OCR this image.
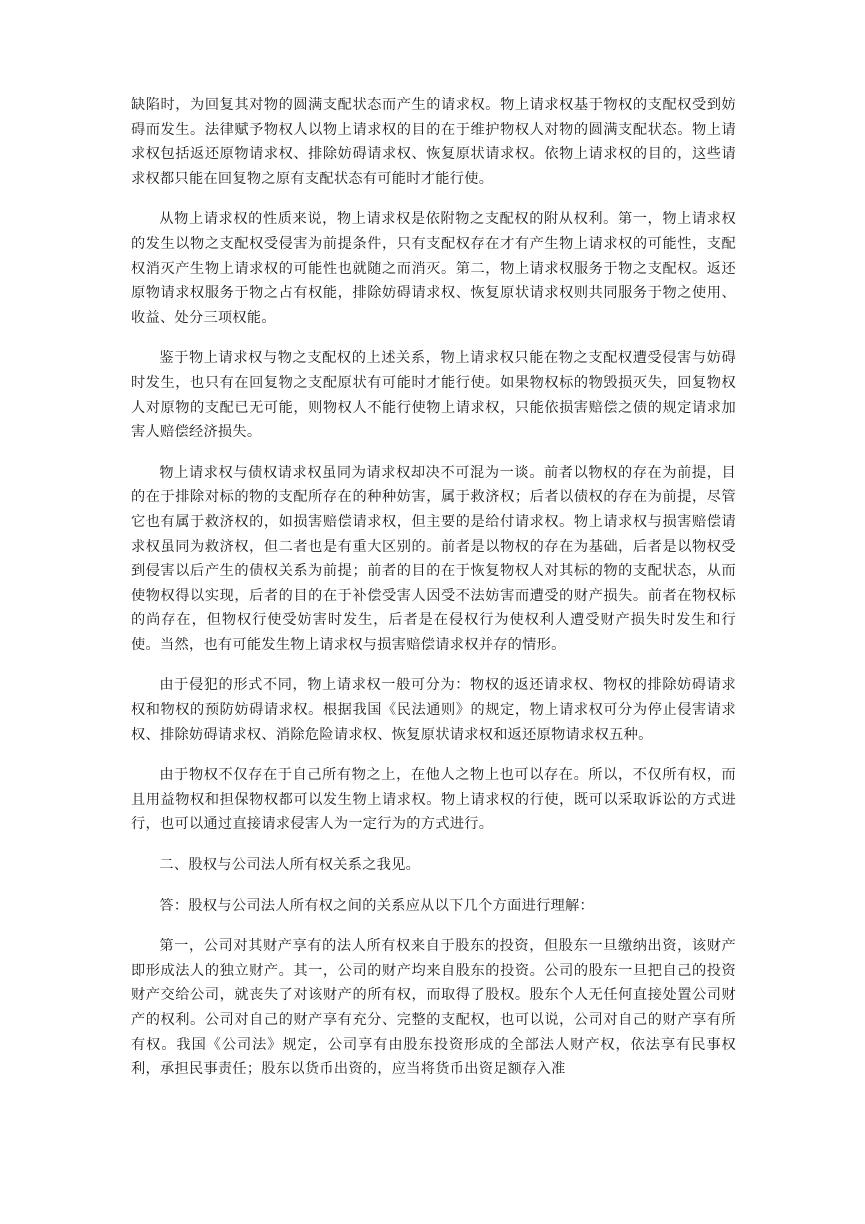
缺陷时，为回复其对物的圆满支配状态而产生的请求权。物上请求权基于物权的支配权受到妨碍而发生。法律赋予物权人以物上请求权的目的在于维护物权人对物的圆满支配状态。物上请求权包括返还原物请求权、排除妨碍请求权、恢复原状请求权。依物上请求权的目的，这些请求权都只能在回复物之原有支配状态有可能时才能行使。

从物上请求权的性质来说，物上请求权是依附物之支配权的附从权利。第一，物上请求权的发生以物之支配权受侵害为前提条件，只有支配权存在才有产生物上请求权的可能性，支配权消灭产生物上请求权的可能性也就随之而消灭。第二，物上请求权服务于物之支配权。返还原物请求权服务于物之占有权能，排除妨碍请求权、恢复原状请求权则共同服务于物之使用、收益、处分三项权能。

鉴于物上请求权与物之支配权的上述关系，物上请求权只能在物之支配权遭受侵害与妨碍时发生，也只有在回复物之支配原状有可能时才能行使。如果物权标的物毁损灭失，回复物权人对原物的支配已无可能，则物权人不能行使物上请求权，只能依损害赔偿之债的规定请求加害人赔偿经济损失。

物上请求权与债权请求权虽同为请求权却决不可混为一谈。前者以物权的存在为前提，目的在于排除对标的物的支配所存在的种种妨害，属于救济权；后者以债权的存在为前提，尽管它也有属于救济权的，如损害赔偿请求权，但主要的是给付请求权。物上请求权与损害赔偿请求权虽同为救济权，但二者也是有重大区别的。前者是以物权的存在为基础，后者是以物权受到侵害以后产生的债权关系为前提；前者的目的在于恢复物权人对其标的物的支配状态，从而使物权得以实现，后者的目的在于补偿受害人因受不法妨害而遭受的财产损失。前者在物权标的尚存在，但物权行使受妨害时发生，后者是在侵权行为使权利人遭受财产损失时发生和行使。当然，也有可能发生物上请求权与损害赔偿请求权并存的情形。

由于侵犯的形式不同，物上请求权一般可分为：物权的返还请求权、物权的排除妨碍请求权和物权的预防妨碍请求权。根据我国《民法通则》的规定，物上请求权可分为停止侵害请求权、排除妨碍请求权、消除危险请求权、恢复原状请求权和返还原物请求权五种。

由于物权不仅存在于自己所有物之上，在他人之物上也可以存在。所以，不仅所有权，而且用益物权和担保物权都可以发生物上请求权。物上请求权的行使，既可以采取诉讼的方式进行，也可以通过直接请求侵害人为一定行为的方式进行。

二、股权与公司法人所有权关系之我见。

答：股权与公司法人所有权之间的关系应从以下几个方面进行理解：

第一，公司对其财产享有的法人所有权来自于股东的投资，但股东一旦缴纳出资，该财产即形成法人的独立财产。其一，公司的财产均来自股东的投资。公司的股东一旦把自己的投资财产交给公司，就丧失了对该财产的所有权，而取得了股权。股东个人无任何直接处置公司财产的权利。公司对自己的财产享有充分、完整的支配权，也可以说，公司对自己的财产享有所有权。我国《公司法》规定，公司享有由股东投资形成的全部法人财产权，依法享有民事权利，承担民事责任；股东以货币出资的，应当将货币出资足额存入准
